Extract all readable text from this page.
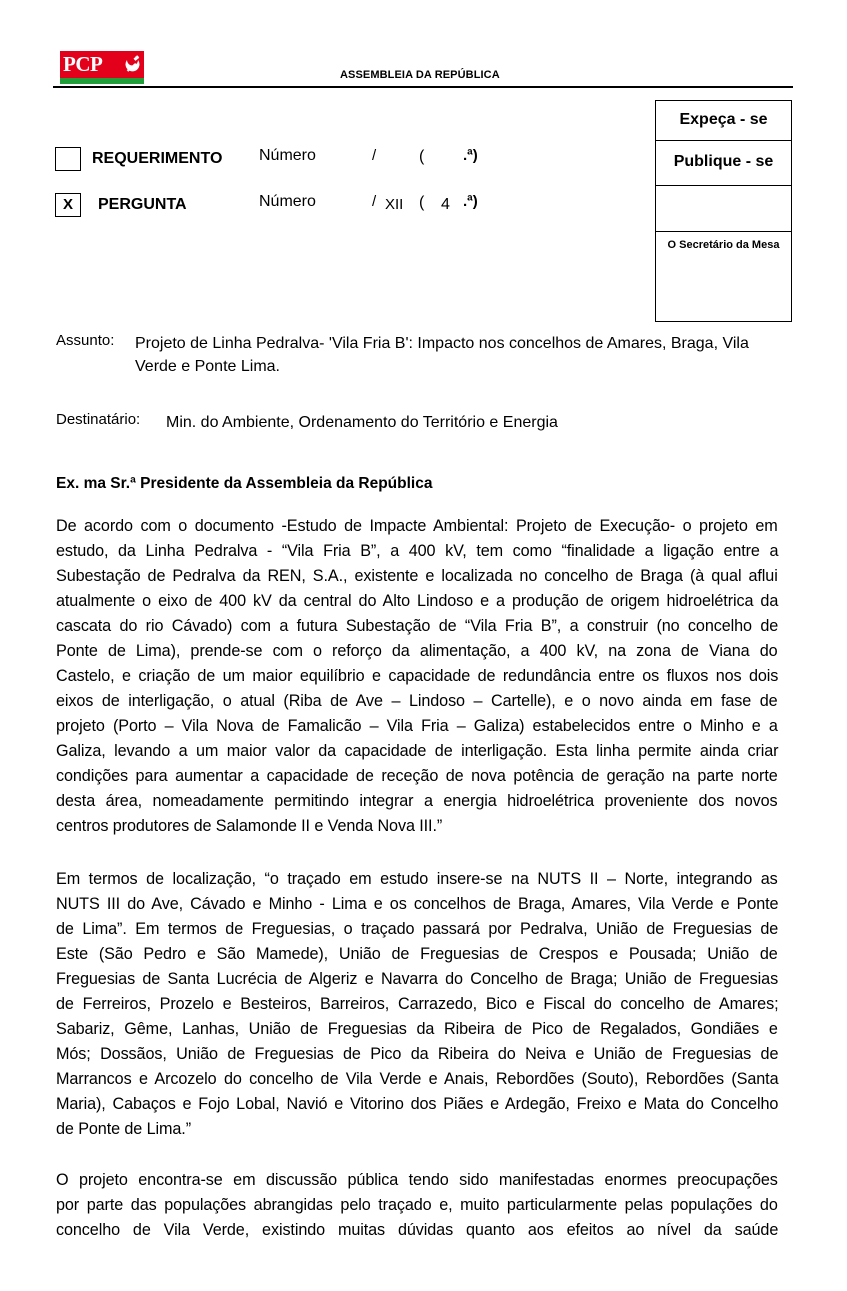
PCP	ASSEMBLEIA DA REPÚBLICA
REQUERIMENTO Número	/	(	.ª)
X	PERGUNTA	Número	/ XII ( 4 .ª)
Expeça - se
Publique - se
O Secretário da Mesa
Assunto: Projeto de Linha Pedralva- 'Vila Fria B': Impacto nos concelhos de Amares, Braga, Vila
Verde e Ponte Lima.
Destinatário: Min. do Ambiente, Ordenamento do Território e Energia
Ex. ma Sr.ª Presidente da Assembleia da República
De acordo com o documento -Estudo de Impacte Ambiental: Projeto de Execução- o projeto em
estudo, da Linha Pedralva - “Vila Fria B”, a 400 kV, tem como “finalidade a ligação entre a
Subestação de Pedralva da REN, S.A., existente e localizada no concelho de Braga (à qual aflui
atualmente o eixo de 400 kV da central do Alto Lindoso e a produção de origem hidroelétrica da
cascata do rio Cávado) com a futura Subestação de “Vila Fria B”, a construir (no concelho de
Ponte de Lima), prende-se com o reforço da alimentação, a 400 kV, na zona de Viana do
Castelo, e criação de um maior equilíbrio e capacidade de redundância entre os fluxos nos dois
eixos de interligação, o atual (Riba de Ave – Lindoso – Cartelle), e o novo ainda em fase de
projeto (Porto – Vila Nova de Famalicão – Vila Fria – Galiza) estabelecidos entre o Minho e a
Galiza, levando a um maior valor da capacidade de interligação. Esta linha permite ainda criar
condições para aumentar a capacidade de receção de nova potência de geração na parte norte
desta área, nomeadamente permitindo integrar a energia hidroelétrica proveniente dos novos
centros produtores de Salamonde II e Venda Nova III.”
Em termos de localização, “o traçado em estudo insere-se na NUTS II – Norte, integrando as
NUTS III do Ave, Cávado e Minho - Lima e os concelhos de Braga, Amares, Vila Verde e Ponte
de Lima”. Em termos de Freguesias, o traçado passará por Pedralva, União de Freguesias de
Este (São Pedro e São Mamede), União de Freguesias de Crespos e Pousada; União de
Freguesias de Santa Lucrécia de Algeriz e Navarra do Concelho de Braga; União de Freguesias
de Ferreiros, Prozelo e Besteiros, Barreiros, Carrazedo, Bico e Fiscal do concelho de Amares;
Sabariz, Gême, Lanhas, União de Freguesias da Ribeira de Pico de Regalados, Gondiães e
Mós; Dossãos, União de Freguesias de Pico da Ribeira do Neiva e União de Freguesias de
Marrancos e Arcozelo do concelho de Vila Verde e Anais, Rebordões (Souto), Rebordões (Santa
Maria), Cabaços e Fojo Lobal, Navió e Vitorino dos Piães e Ardegão, Freixo e Mata do Concelho
de Ponte de Lima.”
O projeto encontra-se em discussão pública tendo sido manifestadas enormes preocupações
por parte das populações abrangidas pelo traçado e, muito particularmente pelas populações do
concelho de Vila Verde, existindo muitas dúvidas quanto aos efeitos ao nível da saúde
